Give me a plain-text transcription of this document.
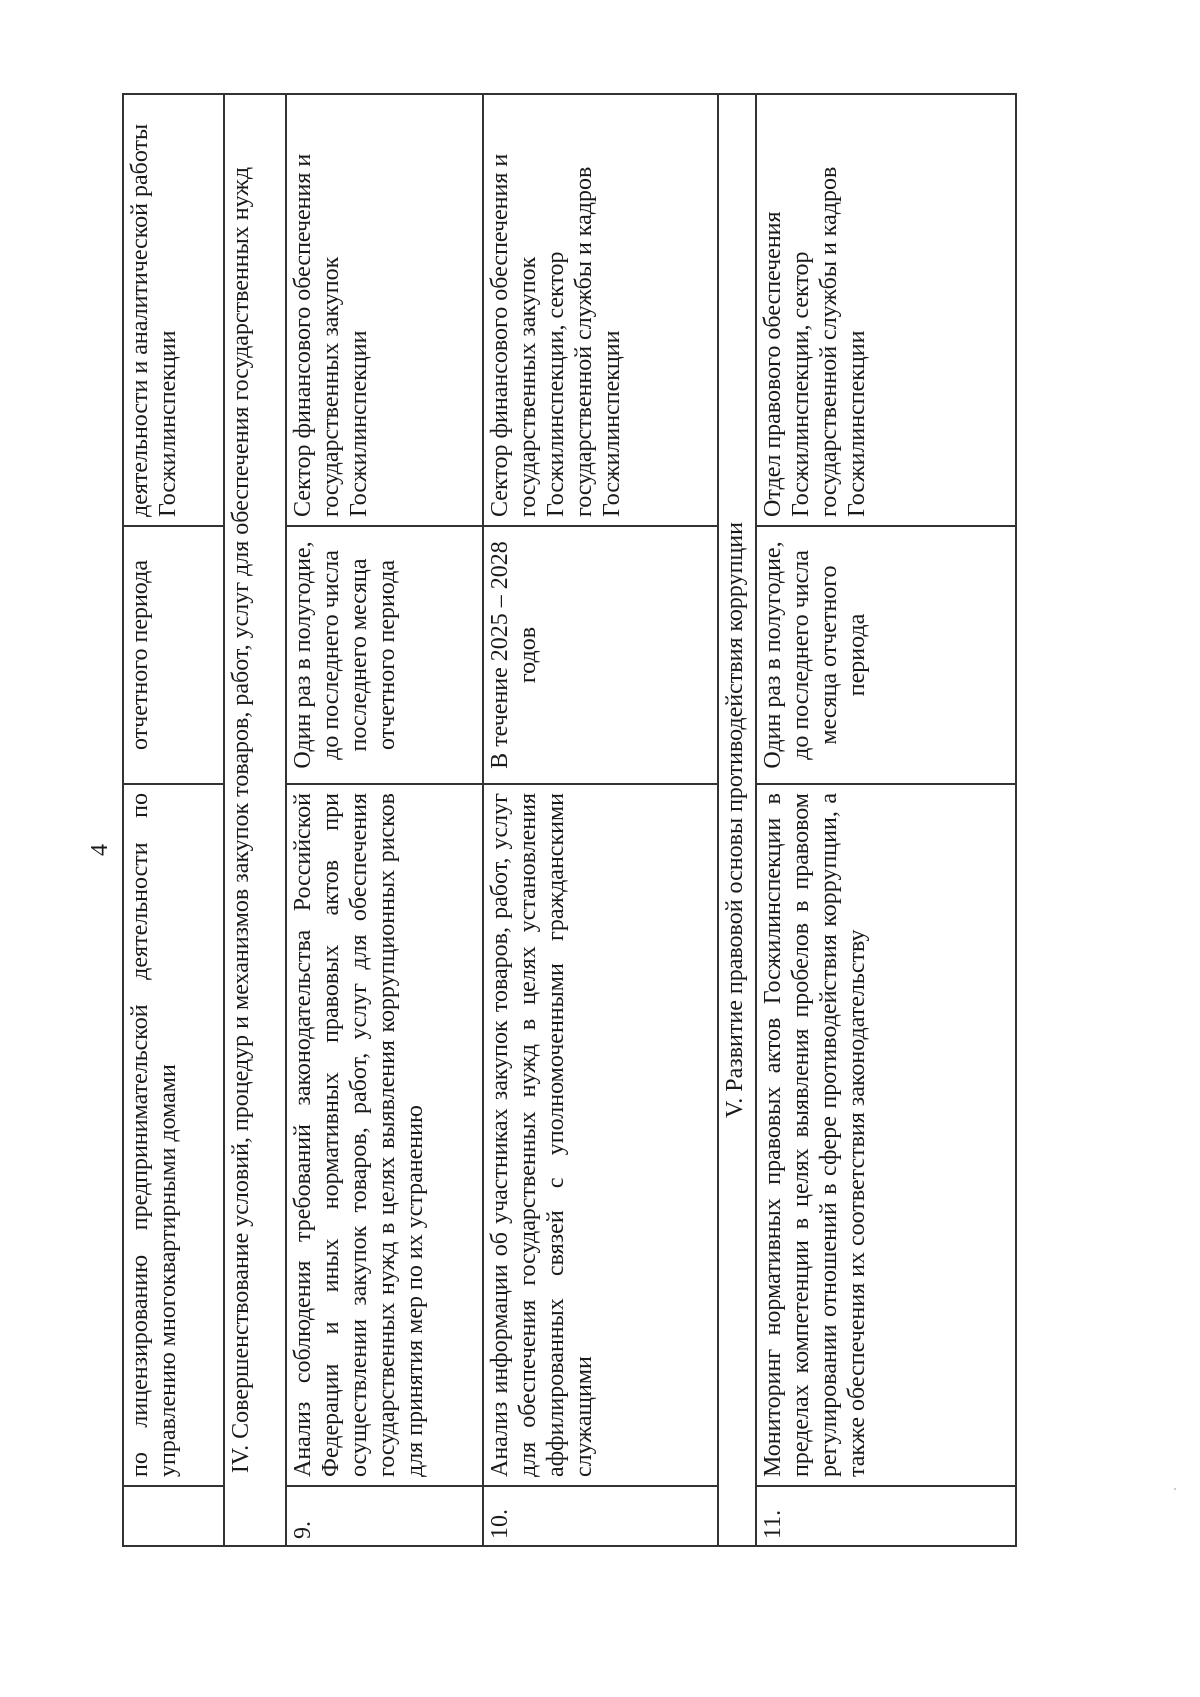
4
	по лицензированию предпринимательской деятельности по управлению многоквартирными домами	отчетного периода	деятельности и аналитической работы Госжилинспекции
IV. Совершенствование условий, процедур и механизмов закупок товаров, работ, услуг для обеспечения государственных нужд			
9.	Анализ соблюдения требований законодательства Российской Федерации и иных нормативных правовых актов при осуществлении закупок товаров, работ, услуг для обеспечения государственных нужд в целях выявления коррупционных рисков для принятия мер по их устранению	Один раз в полугодие, до последнего числа последнего месяца отчетного периода	Сектор финансового обеспечения и государственных закупок Госжилинспекции
10.	Анализ информации об участниках закупок товаров, работ, услуг для обеспечения государственных нужд в целях установления аффилированных связей с уполномоченными гражданскими служащими	В течение 2025 – 2028 годов	Сектор финансового обеспечения и государственных закупок Госжилинспекции, сектор государственной службы и кадров Госжилинспекции
V. Развитие правовой основы противодействия коррупции			
11.	Мониторинг нормативных правовых актов Госжилинспекции в пределах компетенции в целях выявления пробелов в правовом регулировании отношений в сфере противодействия коррупции, а также обеспечения их соответствия законодательству	Один раз в полугодие, до последнего числа месяца отчетного периода	Отдел правового обеспечения Госжилинспекции, сектор государственной службы и кадров Госжилинспекции
